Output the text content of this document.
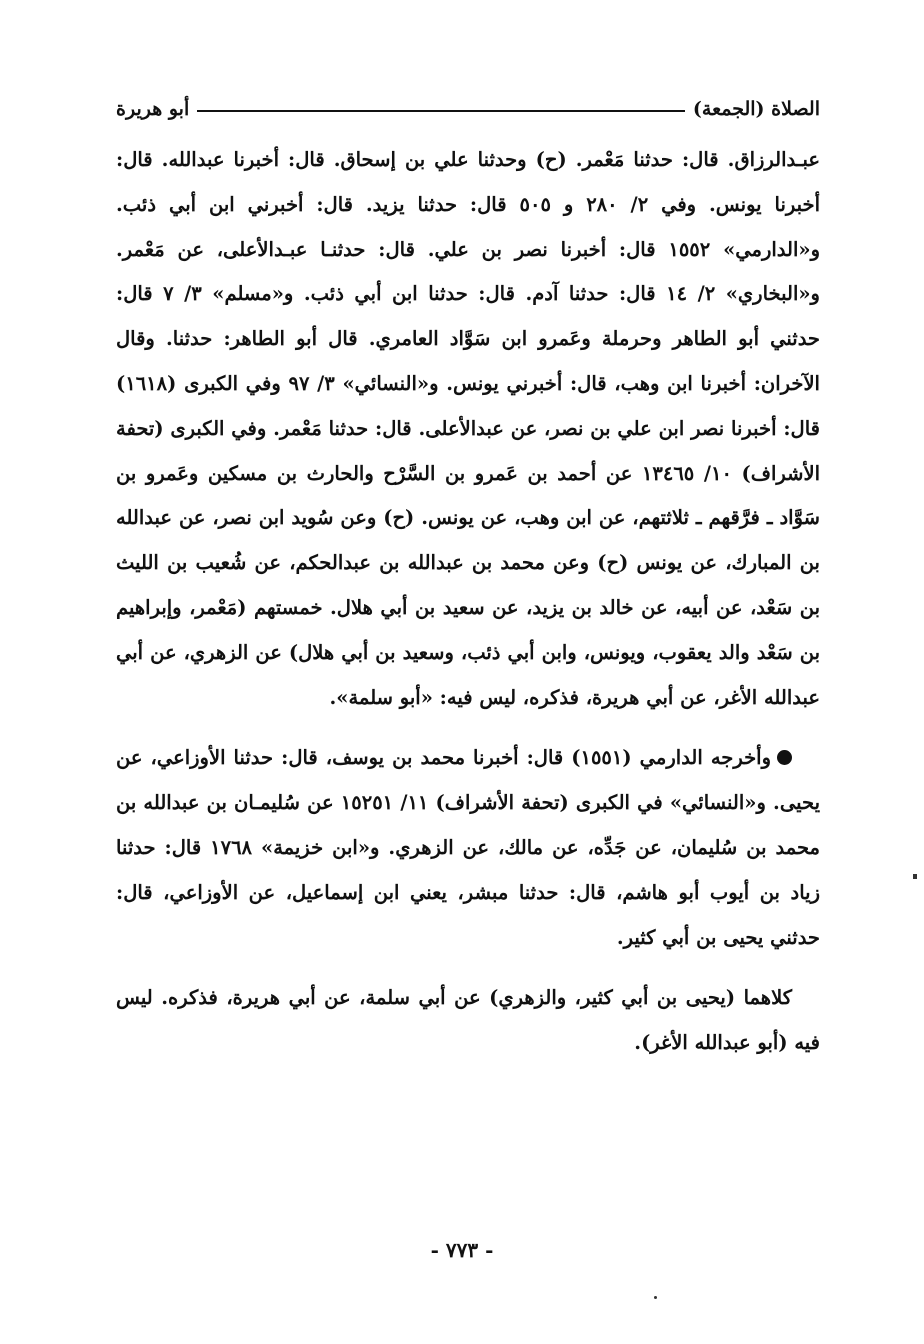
الصلاة (الجمعة)
أبو هريرة

عبـدالرزاق. قال: حدثنا مَعْمر. (ح) وحدثنا علي بن إسحاق. قال: أخبرنا عبدالله. قال: أخبرنا يونس. وفي ٢/ ٢٨٠ و ٥٠٥ قال: حدثنا يزيد. قال: أخبرني ابن أبي ذئب. و«الدارمي» ١٥٥٢ قال: أخبرنا نصر بن علي. قال: حدثنـا عبـدالأعلى، عن مَعْمر. و«البخاري» ٢/ ١٤ قال: حدثنا آدم. قال: حدثنا ابن أبي ذئب. و«مسلم» ٣/ ٧ قال: حدثني أبو الطاهر وحرملة وعَمرو ابن سَوَّاد العامري. قال أبو الطاهر: حدثنا. وقال الآخران: أخبرنا ابن وهب، قال: أخبرني يونس. و«النسائي» ٣/ ٩٧ وفي الكبرى (١٦١٨) قال: أخبرنا نصر ابن علي بن نصر، عن عبدالأعلى. قال: حدثنا مَعْمر. وفي الكبرى (تحفة الأشراف) ١٠/ ١٣٤٦٥ عن أحمد بن عَمرو بن السَّرْح والحارث بن مسكين وعَمرو بن سَوَّاد ـ فرَّقهم ـ ثلاثتهم، عن ابن وهب، عن يونس. (ح) وعن سُويد ابن نصر، عن عبدالله بن المبارك، عن يونس (ح) وعن محمد بن عبدالله بن عبدالحكم، عن شُعيب بن الليث بن سَعْد، عن أبيه، عن خالد بن يزيد، عن سعيد بن أبي هلال. خمستهم (مَعْمر، وإبراهيم بن سَعْد والد يعقوب، ويونس، وابن أبي ذئب، وسعيد بن أبي هلال) عن الزهري، عن أبي عبدالله الأغر، عن أبي هريرة، فذكره، ليس فيه: «أبو سلمة».

وأخرجه الدارمي (١٥٥١) قال: أخبرنا محمد بن يوسف، قال: حدثنا الأوزاعي، عن يحيى. و«النسائي» في الكبرى (تحفة الأشراف) ١١/ ١٥٢٥١ عن سُليمـان بن عبدالله بن محمد بن سُليمان، عن جَدِّه، عن مالك، عن الزهري. و«ابن خزيمة» ١٧٦٨ قال: حدثنا زياد بن أيوب أبو هاشم، قال: حدثنا مبشر، يعني ابن إسماعيل، عن الأوزاعي، قال: حدثني يحيى بن أبي كثير.

كلاهما (يحيى بن أبي كثير، والزهري) عن أبي سلمة، عن أبي هريرة، فذكره. ليس فيه (أبو عبدالله الأغر).

- ٧٧٣ -
